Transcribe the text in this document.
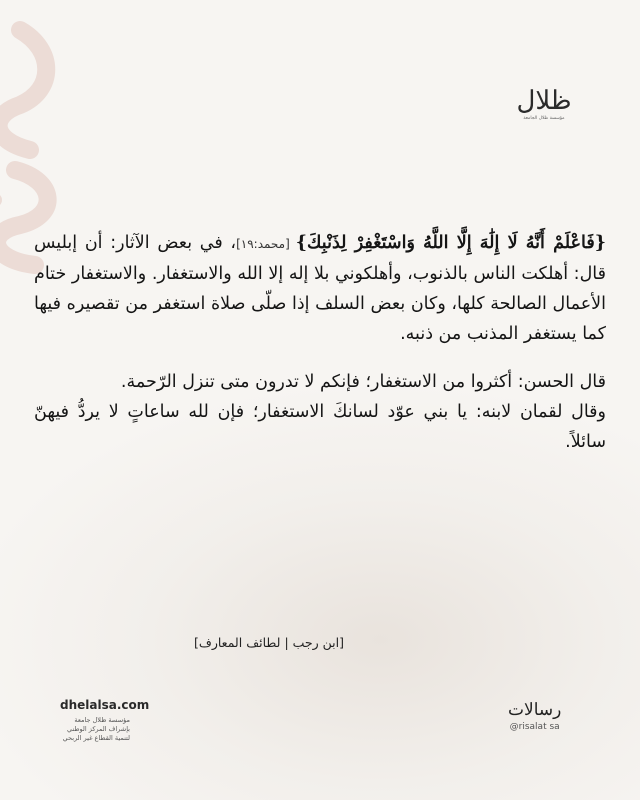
ظلال
مؤسسة ظلال الجامعة

{فَاعْلَمْ أَنَّهُ لَا إِلَٰهَ إِلَّا اللَّهُ وَاسْتَغْفِرْ لِذَنْبِكَ}[محمد:١٩]، في بعض الآثار: أن إبليس قال: أهلكت الناس بالذنوب، وأهلكوني بلا إله إلا الله والاستغفار. والاستغفار ختام الأعمال الصالحة كلها، وكان بعض السلف إذا صلّى صلاة استغفر من تقصيره فيها كما يستغفر المذنب من ذنبه.

قال الحسن: أكثروا من الاستغفار؛ فإنكم لا تدرون متى تنزل الرّحمة.
وقال لقمان لابنه: يا بني عوّد لسانكَ الاستغفار؛ فإن لله ساعاتٍ لا يردُّ فيهنّ سائلاً.

[ابن رجب | لطائف المعارف]
dhelalsa.com
مؤسسة ظلال جامعة
بإشراف المركز الوطني
لتنمية القطاع غير الربحي
رسالات
@risalat sa
